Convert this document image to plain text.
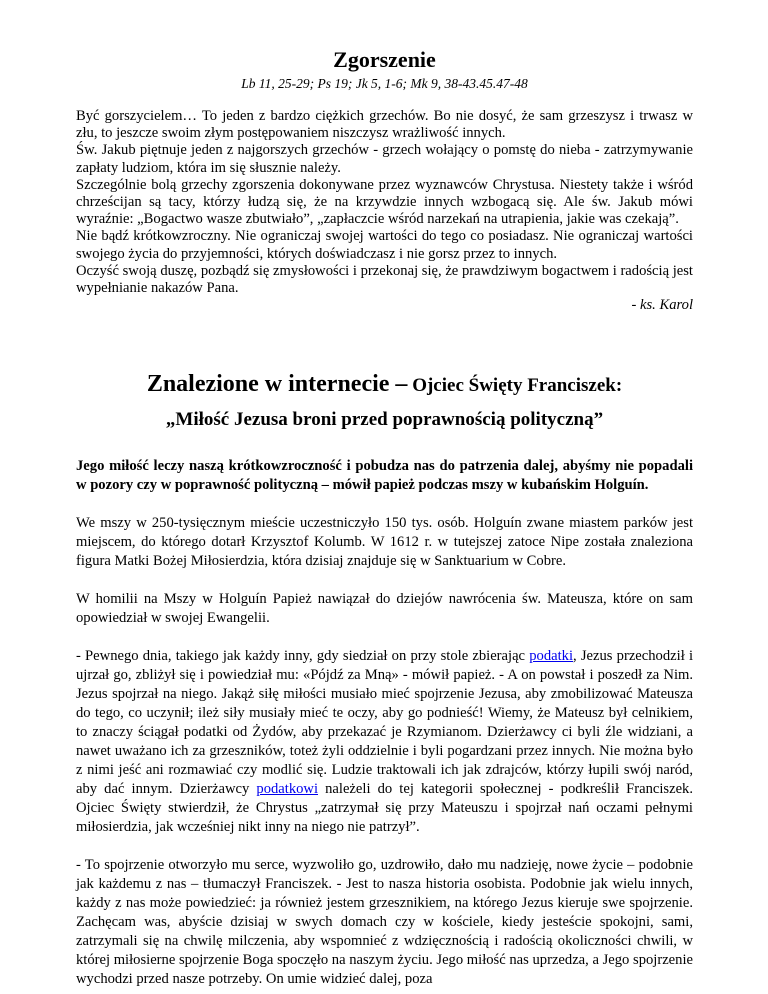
Zgorszenie

Lb 11, 25-29; Ps 19; Jk 5, 1-6; Mk 9, 38-43.45.47-48

Być gorszycielem… To jeden z bardzo ciężkich grzechów. Bo nie dosyć, że sam grzeszysz i trwasz w złu, to jeszcze swoim złym postępowaniem niszczysz wrażliwość innych.

Św. Jakub piętnuje jeden z najgorszych grzechów - grzech wołający o pomstę do nieba - zatrzymywanie zapłaty ludziom, która im się słusznie należy.

Szczególnie bolą grzechy zgorszenia dokonywane przez wyznawców Chrystusa. Niestety także i wśród chrześcijan są tacy, którzy łudzą się, że na krzywdzie innych wzbogacą się. Ale św. Jakub mówi wyraźnie: „Bogactwo wasze zbutwiało”, „zapłaczcie wśród narzekań na utrapienia, jakie was czekają”.

Nie bądź krótkowzroczny. Nie ograniczaj swojej wartości do tego co posiadasz. Nie ograniczaj wartości swojego życia do przyjemności, których doświadczasz i nie gorsz przez to innych.

Oczyść swoją duszę, pozbądź się zmysłowości i przekonaj się, że prawdziwym bogactwem i radością jest wypełnianie nakazów Pana.

- ks. Karol

Znalezione w internecie – Ojciec Święty Franciszek:
„Miłość Jezusa broni przed poprawnością polityczną”

Jego miłość leczy naszą krótkowzroczność i pobudza nas do patrzenia dalej, abyśmy nie popadali w pozory czy w poprawność polityczną – mówił papież podczas mszy w kubańskim Holguín.

We mszy w 250-tysięcznym mieście uczestniczyło 150 tys. osób. Holguín zwane miastem parków jest miejscem, do którego dotarł Krzysztof Kolumb. W 1612 r. w tutejszej zatoce Nipe została znaleziona figura Matki Bożej Miłosierdzia, która dzisiaj znajduje się w Sanktuarium w Cobre.

W homilii na Mszy w Holguín Papież nawiązał do dziejów nawrócenia św. Mateusza, które on sam opowiedział w swojej Ewangelii.

- Pewnego dnia, takiego jak każdy inny, gdy siedział on przy stole zbierając podatki, Jezus przechodził i ujrzał go, zbliżył się i powiedział mu: «Pójdź za Mną» - mówił papież. - A on powstał i poszedł za Nim. Jezus spojrzał na niego. Jakąż siłę miłości musiało mieć spojrzenie Jezusa, aby zmobilizować Mateusza do tego, co uczynił; ileż siły musiały mieć te oczy, aby go podnieść! Wiemy, że Mateusz był celnikiem, to znaczy ściągał podatki od Żydów, aby przekazać je Rzymianom. Dzierżawcy ci byli źle widziani, a nawet uważano ich za grzeszników, toteż żyli oddzielnie i byli pogardzani przez innych. Nie można było z nimi jeść ani rozmawiać czy modlić się. Ludzie traktowali ich jak zdrajców, którzy łupili swój naród, aby dać innym. Dzierżawcy podatkowi należeli do tej kategorii społecznej - podkreślił Franciszek. Ojciec Święty stwierdził, że Chrystus „zatrzymał się przy Mateuszu i spojrzał nań oczami pełnymi miłosierdzia, jak wcześniej nikt inny na niego nie patrzył”.

- To spojrzenie otworzyło mu serce, wyzwoliło go, uzdrowiło, dało mu nadzieję, nowe życie – podobnie jak każdemu z nas – tłumaczył Franciszek. - Jest to nasza historia osobista. Podobnie jak wielu innych, każdy z nas może powiedzieć: ja również jestem grzesznikiem, na którego Jezus kieruje swe spojrzenie. Zachęcam was, abyście dzisiaj w swych domach czy w kościele, kiedy jesteście spokojni, sami, zatrzymali się na chwilę milczenia, aby wspomnieć z wdzięcznością i radością okoliczności chwili, w której miłosierne spojrzenie Boga spoczęło na naszym życiu. Jego miłość nas uprzedza, a Jego spojrzenie wychodzi przed nasze potrzeby. On umie widzieć dalej, poza
